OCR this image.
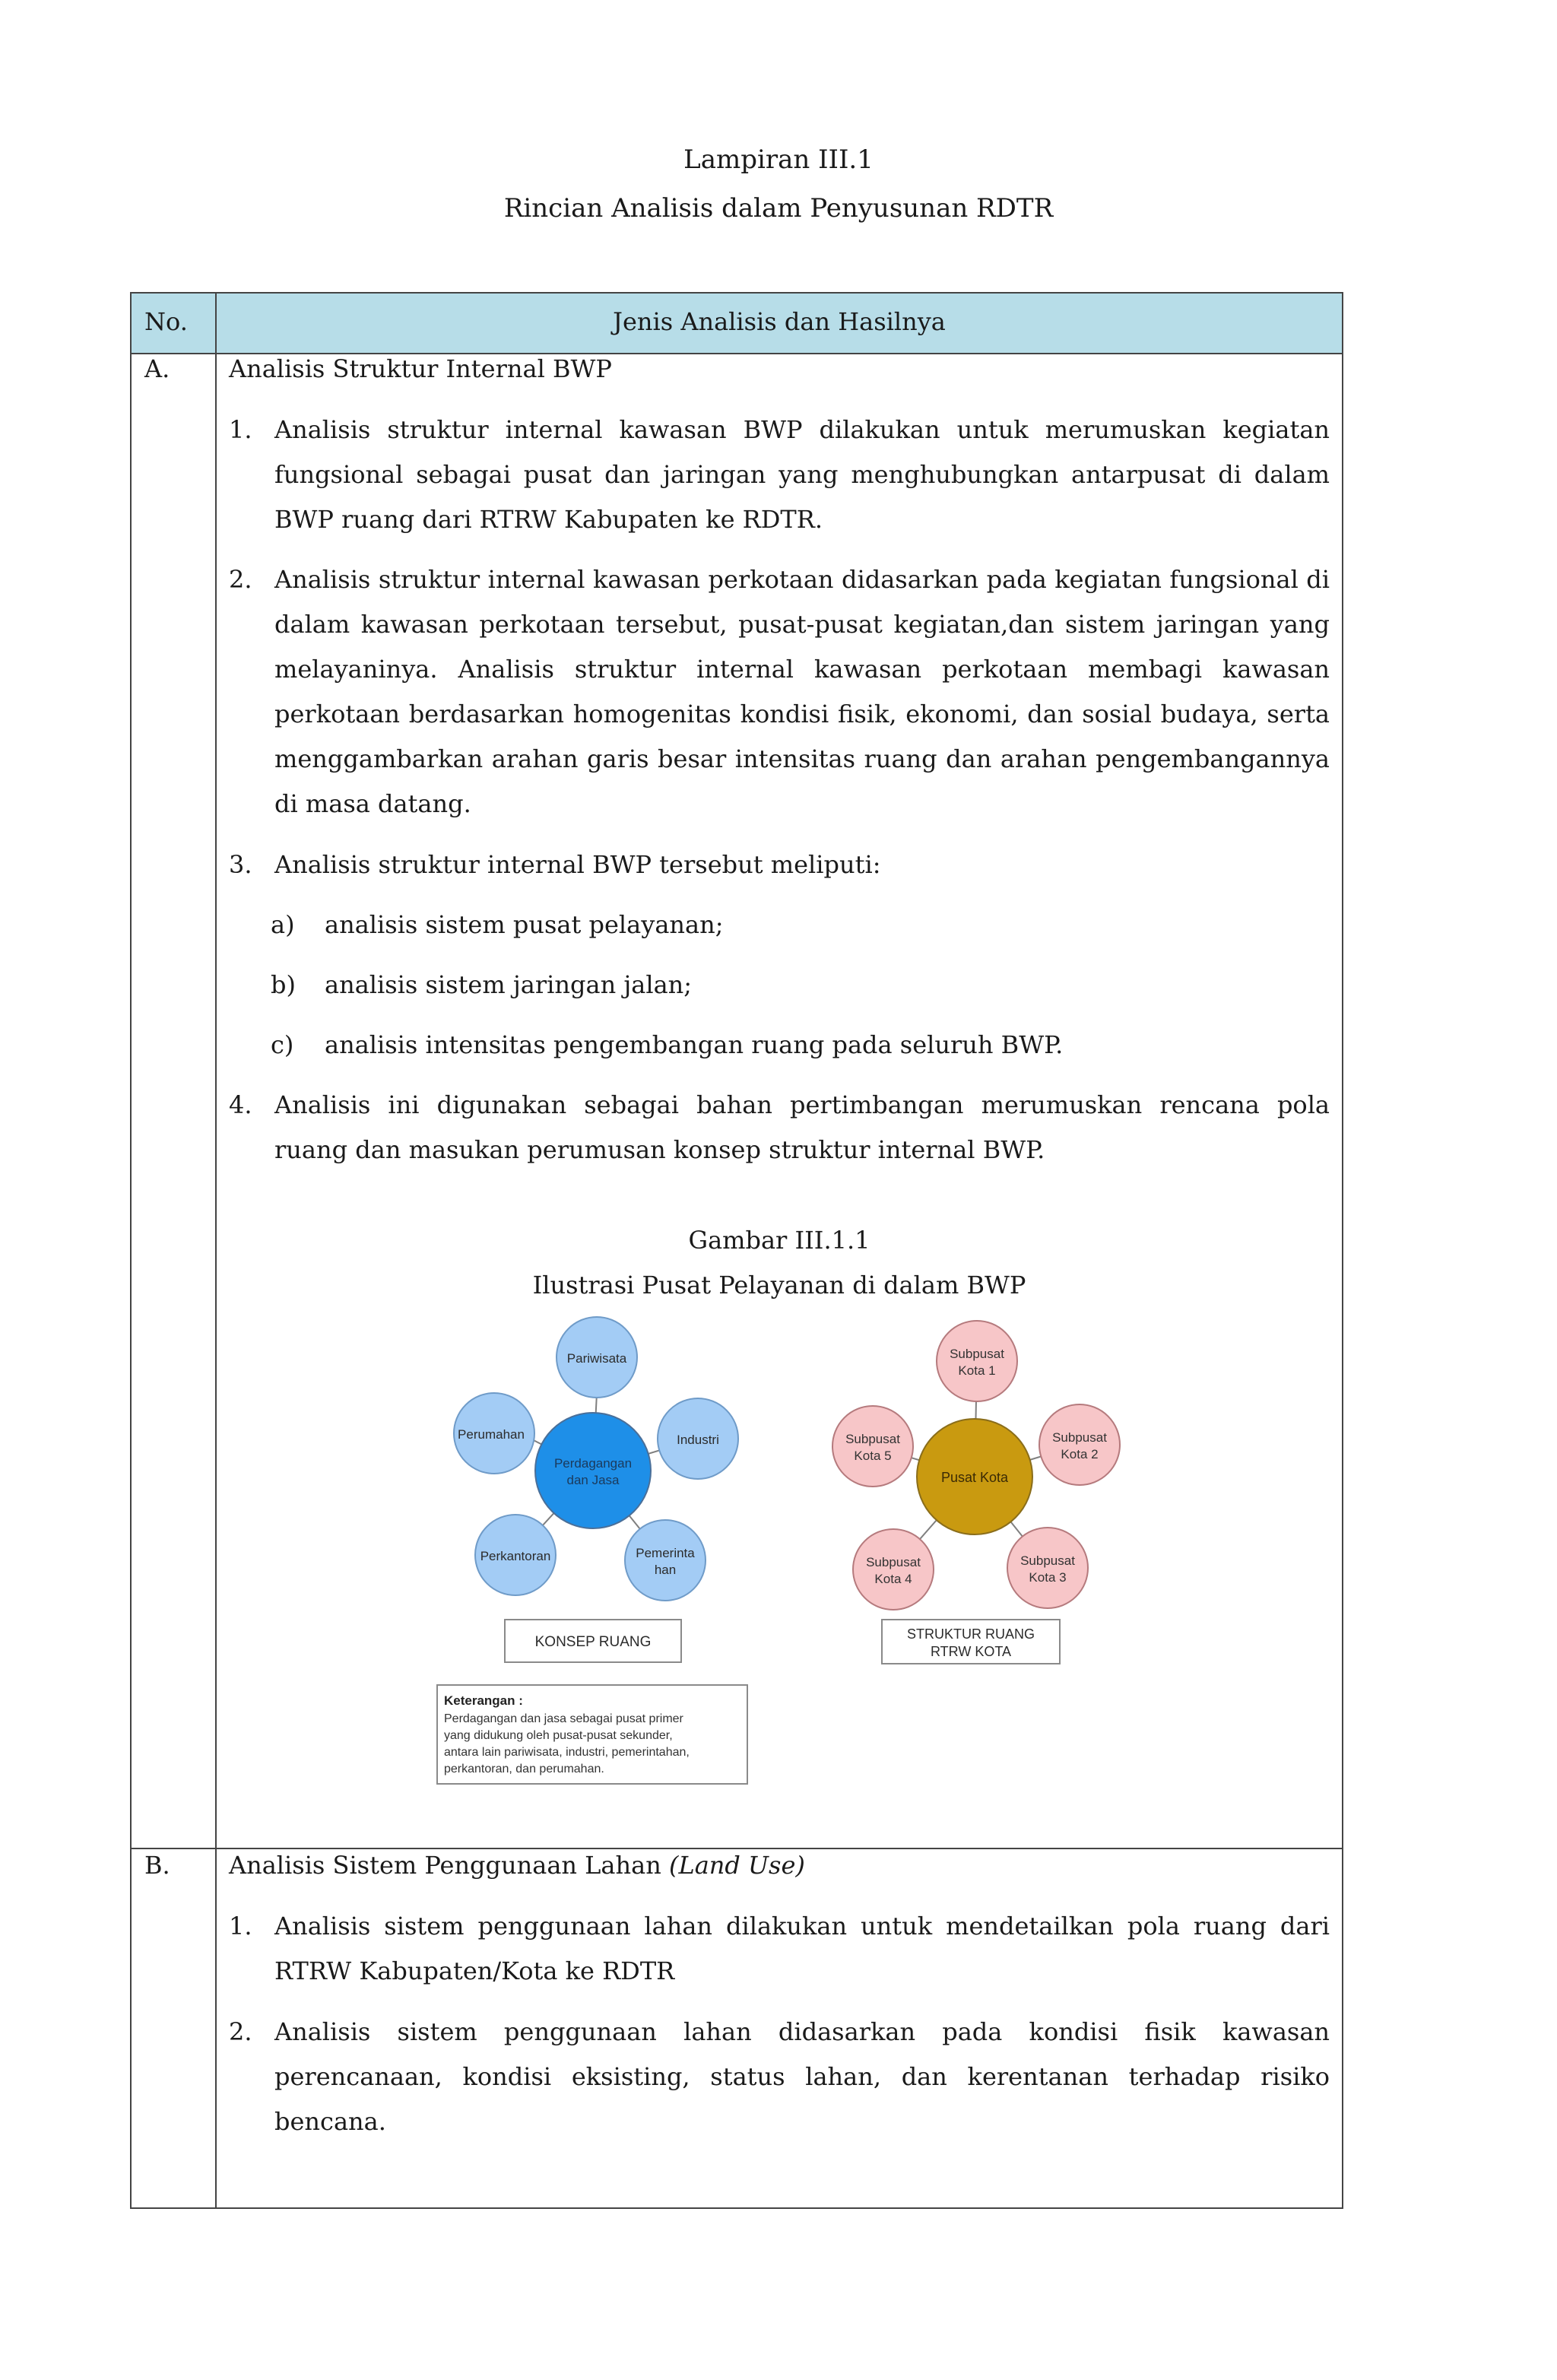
Lampiran III.1
Rincian Analisis dalam Penyusunan RDTR
No.	Jenis Analisis dan Hasilnya
A. Analisis Struktur Internal BWP
1. Analisis struktur internal kawasan BWP dilakukan untuk merumuskan kegiatan fungsional sebagai pusat dan jaringan yang menghubungkan antarpusat di dalam BWP ruang dari RTRW Kabupaten ke RDTR.
2. Analisis struktur internal kawasan perkotaan didasarkan pada kegiatan fungsional di dalam kawasan perkotaan tersebut, pusat-pusat kegiatan,dan sistem jaringan yang melayaninya. Analisis struktur internal kawasan perkotaan membagi kawasan perkotaan berdasarkan homogenitas kondisi fisik, ekonomi, dan sosial budaya, serta menggambarkan arahan garis besar intensitas ruang dan arahan pengembangannya di masa datang.
3. Analisis struktur internal BWP tersebut meliputi:
a) analisis sistem pusat pelayanan;
b) analisis sistem jaringan jalan;
c) analisis intensitas pengembangan ruang pada seluruh BWP.
4. Analisis ini digunakan sebagai bahan pertimbangan merumuskan rencana pola ruang dan masukan perumusan konsep struktur internal BWP.
Gambar III.1.1
Ilustrasi Pusat Pelayanan di dalam BWP
Pariwisata
Perumahan	Industri
Perkantoran	Pemerinta
han
Perdagangan
dan Jasa
KONSEP RUANG
Keterangan :
Perdagangan dan jasa sebagai pusat primer
yang didukung oleh pusat-pusat sekunder,
antara lain pariwisata, industri, pemerintahan,
perkantoran, dan perumahan.
Subpusat
Kota 1
Subpusat
Kota 2
Subpusat
Kota 3
Subpusat
Kota 4
Subpusat
Kota 5
Pusat Kota
STRUKTUR RUANG
RTRW KOTA
B. Analisis Sistem Penggunaan Lahan (Land Use)
1. Analisis sistem penggunaan lahan dilakukan untuk mendetailkan pola ruang dari RTRW Kabupaten/Kota ke RDTR
2. Analisis sistem penggunaan lahan didasarkan pada kondisi fisik kawasan perencanaan, kondisi eksisting, status lahan, dan kerentanan terhadap risiko bencana.
